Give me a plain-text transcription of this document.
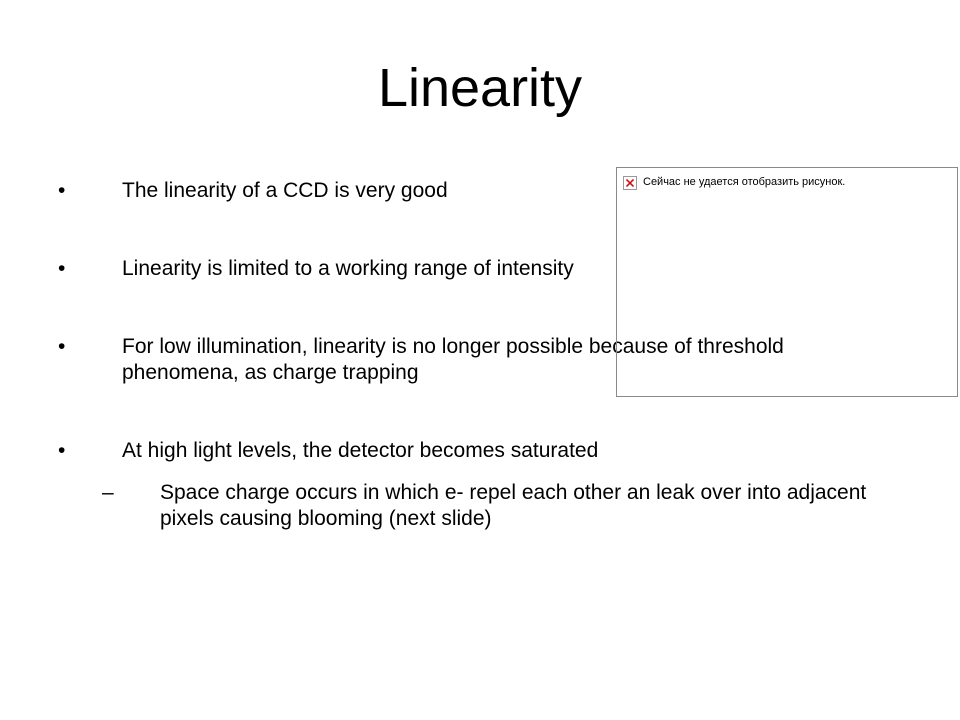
Linearity
•	The linearity of a CCD is very good
•	Linearity is limited to a working range of intensity
•	For low illumination, linearity is no longer possible because of threshold phenomena, as charge trapping
•	At high light levels, the detector becomes saturated
– Space charge occurs in which e- repel each other an leak over into adjacent pixels causing blooming (next slide)
Сейчас не удается отобразить рисунок.
